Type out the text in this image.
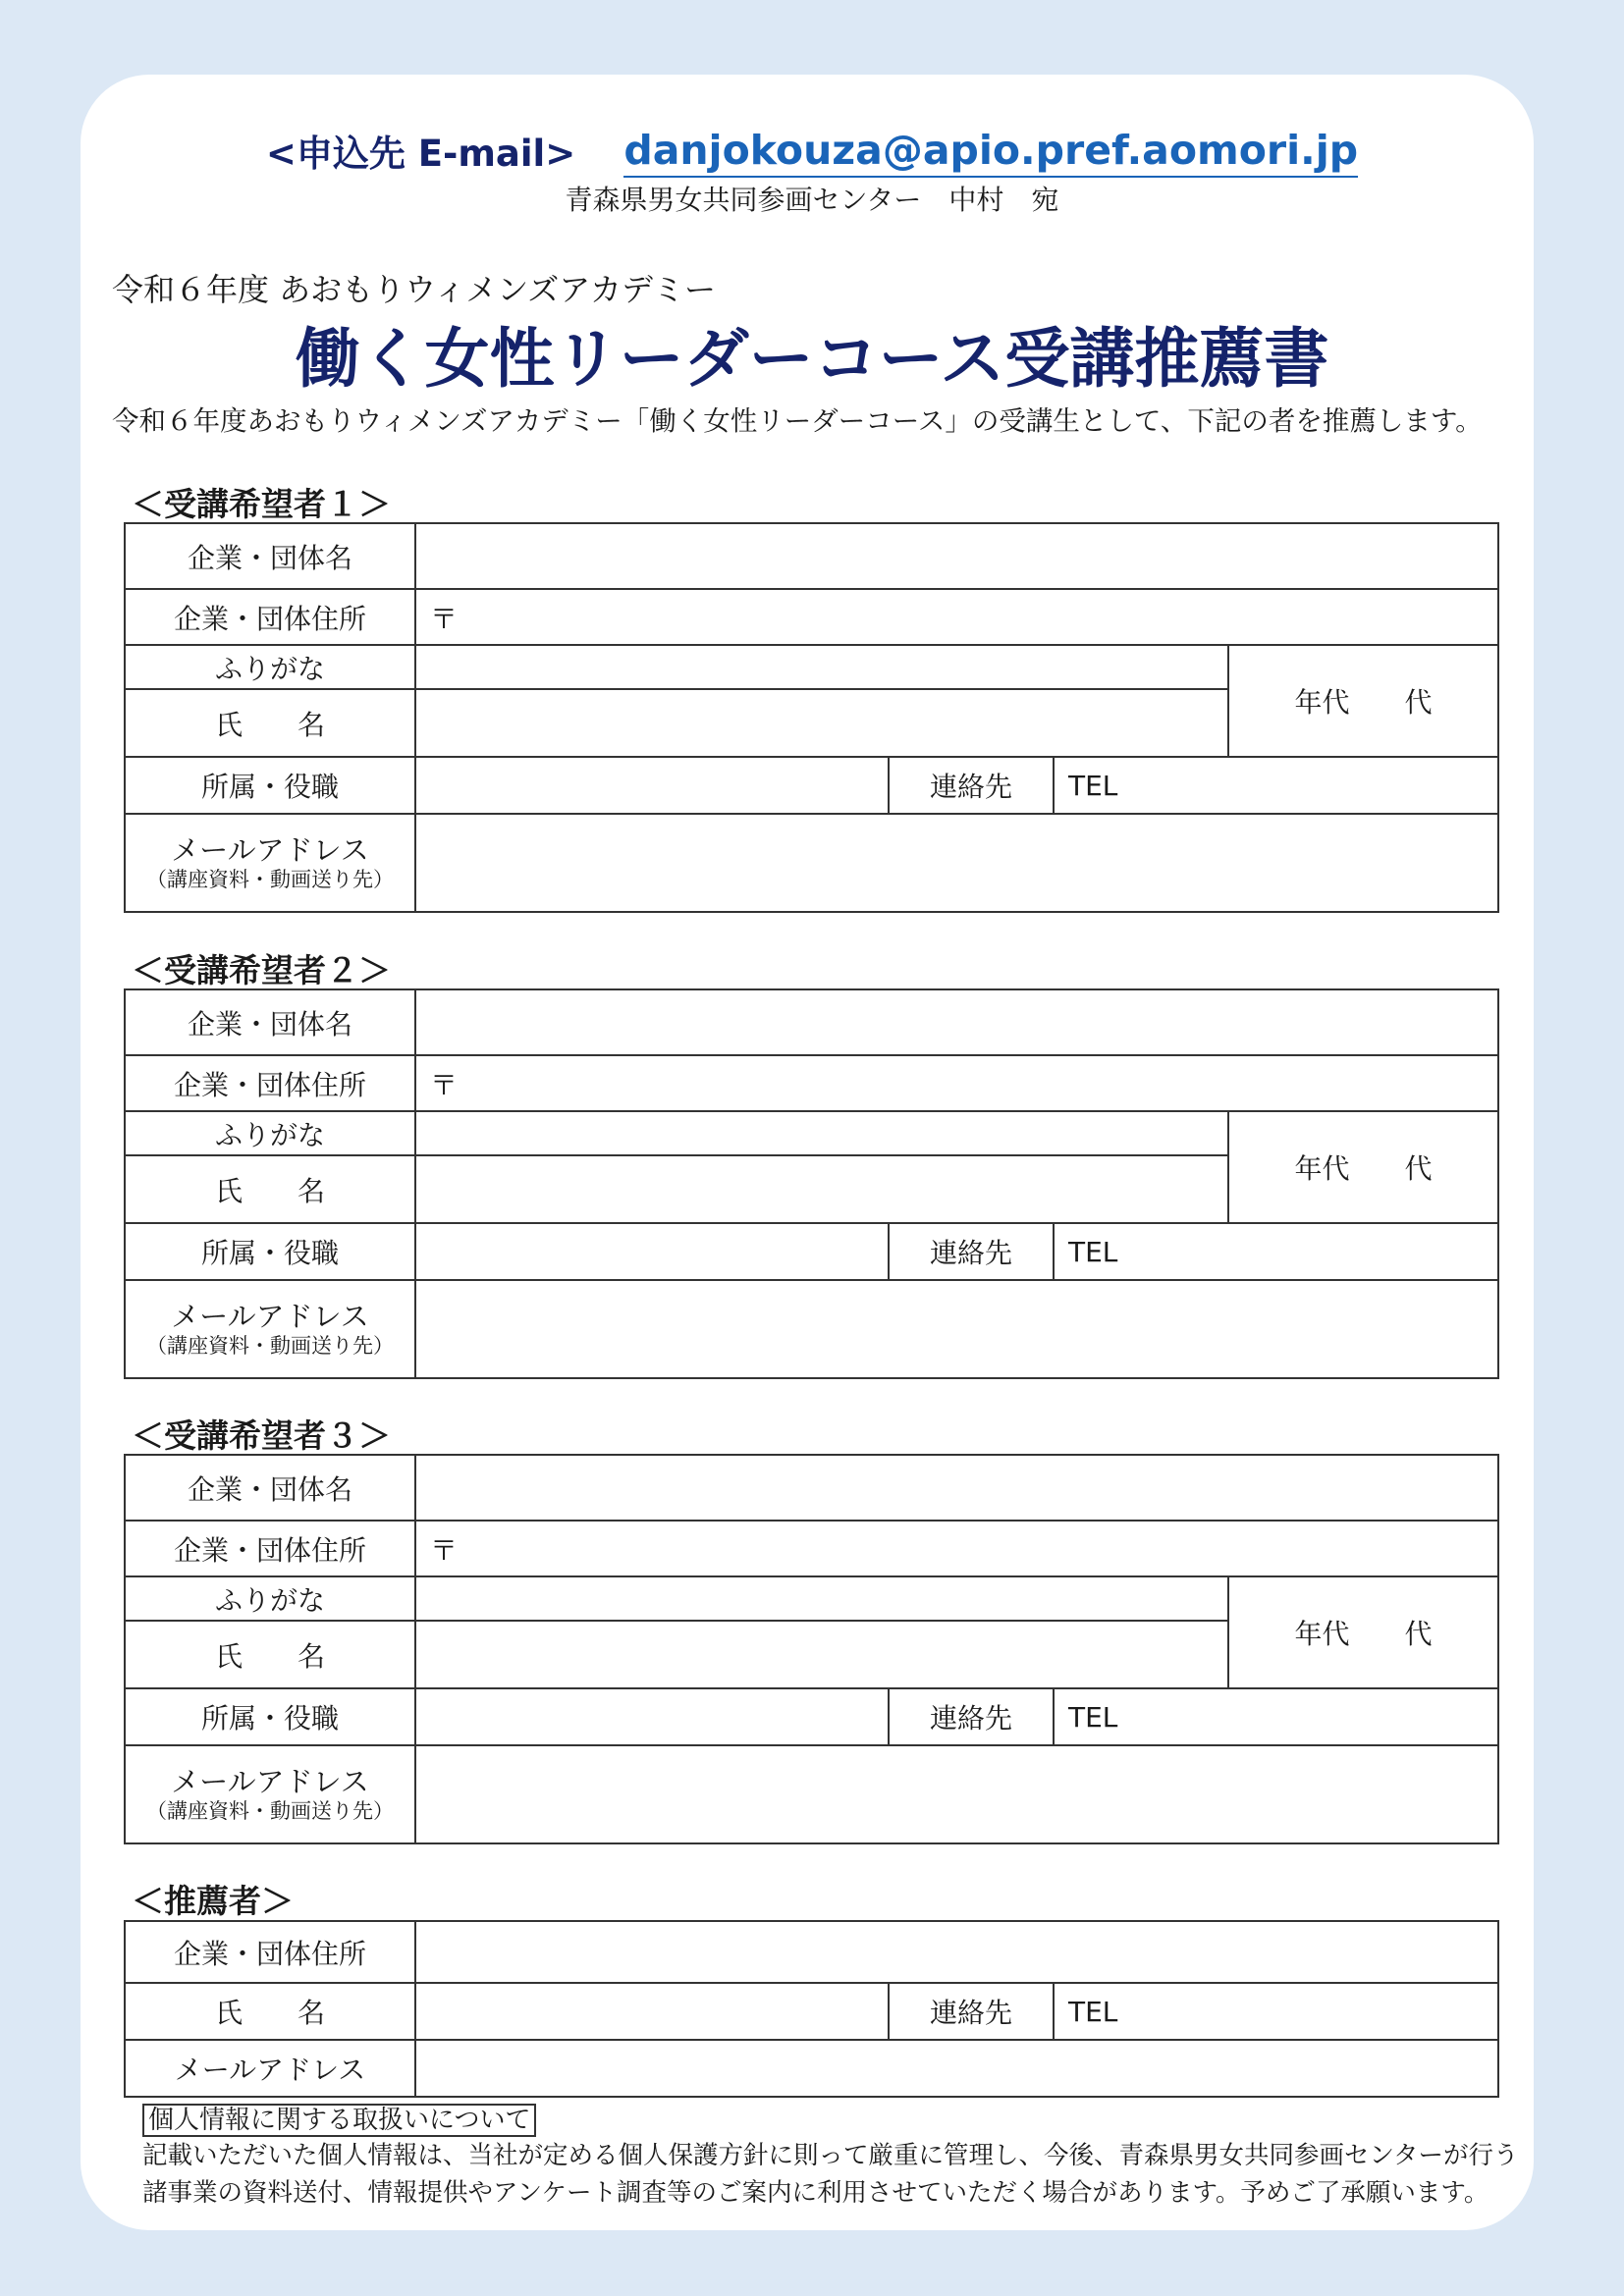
<申込先 E-mail> danjokouza@apio.pref.aomori.jp
青森県男女共同参画センター　中村　宛
令和６年度 あおもりウィメンズアカデミー
働く女性リーダーコース受講推薦書
令和６年度あおもりウィメンズアカデミー「働く女性リーダーコース」の受講生として、下記の者を推薦します。
＜受講希望者１＞
企業・団体名				
企業・団体住所	〒			
ふりがな				年代　　代
氏　　名				
所属・役職		連絡先	TEL	

メールアドレス
（講座資料・動画送り先）				

＜受講希望者２＞
企業・団体名				
企業・団体住所	〒			
ふりがな				年代　　代
氏　　名				
所属・役職		連絡先	TEL	

メールアドレス
（講座資料・動画送り先）				

＜受講希望者３＞
企業・団体名				
企業・団体住所	〒			
ふりがな				年代　　代
氏　　名				
所属・役職		連絡先	TEL	

メールアドレス
（講座資料・動画送り先）				

＜推薦者＞
企業・団体住所			
氏　　名		連絡先	TEL
メールアドレス			
個人情報に関する取扱いについて
記載いただいた個人情報は、当社が定める個人保護方針に則って厳重に管理し、今後、青森県男女共同参画センターが行う
諸事業の資料送付、情報提供やアンケート調査等のご案内に利用させていただく場合があります。予めご了承願います。
